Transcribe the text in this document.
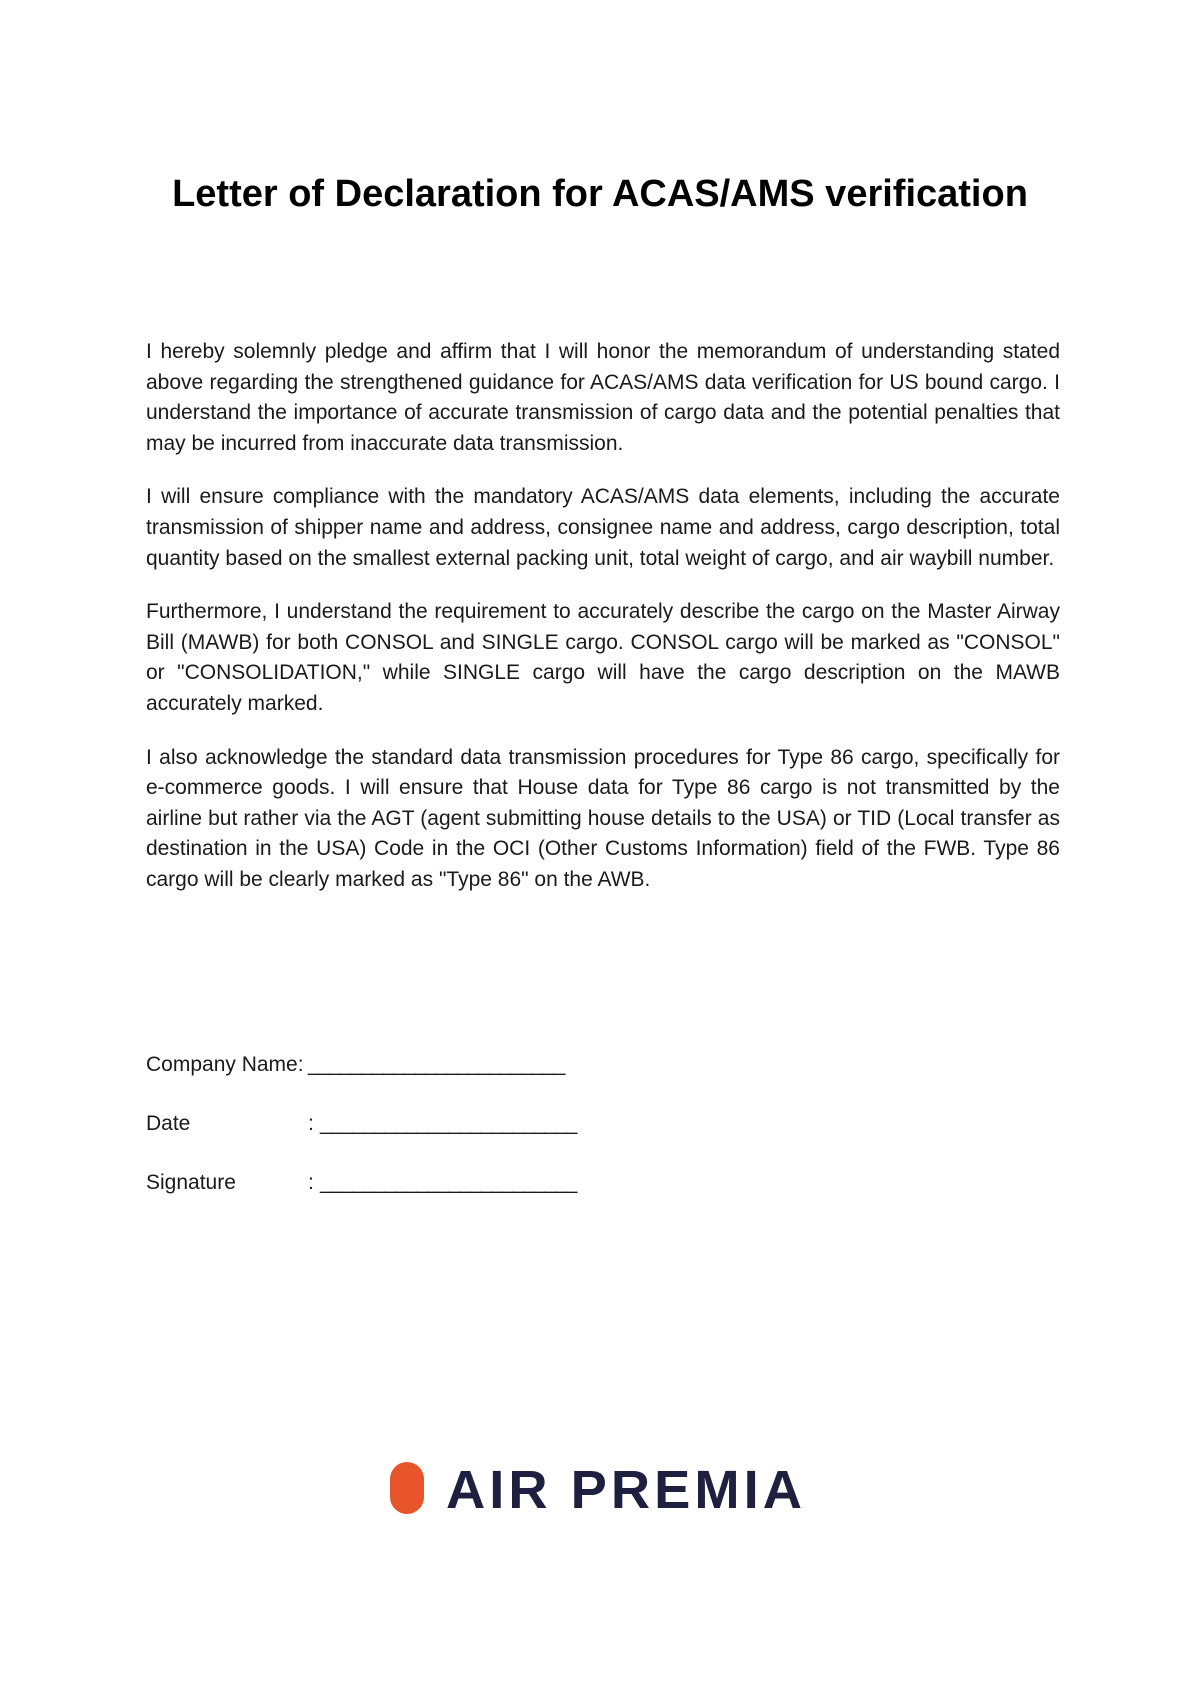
Letter of Declaration for ACAS/AMS verification

I hereby solemnly pledge and affirm that I will honor the memorandum of understanding stated above regarding the strengthened guidance for ACAS/AMS data verification for US bound cargo. I understand the importance of accurate transmission of cargo data and the potential penalties that may be incurred from inaccurate data transmission.

I will ensure compliance with the mandatory ACAS/AMS data elements, including the accurate transmission of shipper name and address, consignee name and address, cargo description, total quantity based on the smallest external packing unit, total weight of cargo, and air waybill number.

Furthermore, I understand the requirement to accurately describe the cargo on the Master Airway Bill (MAWB) for both CONSOL and SINGLE cargo. CONSOL cargo will be marked as "CONSOL" or "CONSOLIDATION," while SINGLE cargo will have the cargo description on the MAWB accurately marked.

I also acknowledge the standard data transmission procedures for Type 86 cargo, specifically for e-commerce goods. I will ensure that House data for Type 86 cargo is not transmitted by the airline but rather via the AGT (agent submitting house details to the USA) or TID (Local transfer as destination in the USA) Code in the OCI (Other Customs Information) field of the FWB. Type 86 cargo will be clearly marked as "Type 86" on the AWB.

Company Name: ________________________
Date	: ________________________
Signature	: ________________________
AIR PREMIA
